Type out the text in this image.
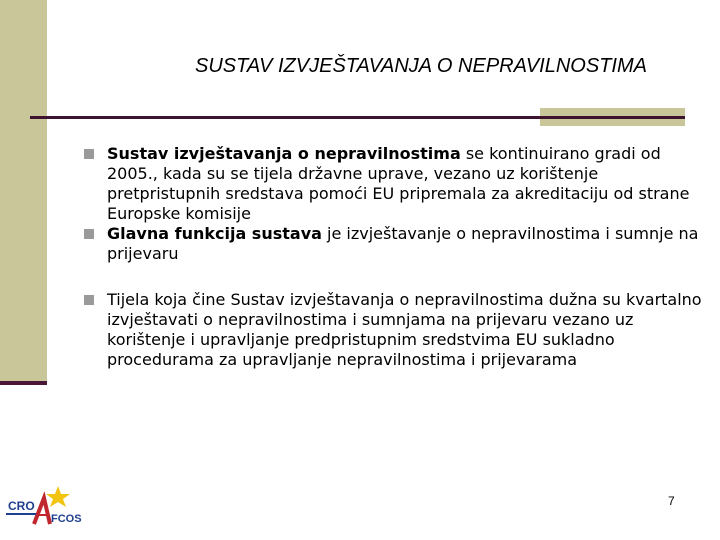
SUSTAV IZVJEŠTAVANJA O NEPRAVILNOSTIMA
Sustav izvještavanja o nepravilnostima se kontinuirano gradi od 2005., kada su se tijela državne uprave, vezano uz korištenje pretpristupnih sredstava pomoći EU pripremala za akreditaciju od strane Europske komisije
Glavna funkcija sustava je izvještavanje o nepravilnostima i sumnje na prijevaru
Tijela koja čine Sustav izvještavanja o nepravilnostima dužna su kvartalno izvještavati o nepravilnostima i sumnjama na prijevaru vezano uz korištenje i upravljanje predpristupnim sredstvima EU sukladno procedurama za upravljanje nepravilnostima i prijevarama
CRO
FCOS
7
